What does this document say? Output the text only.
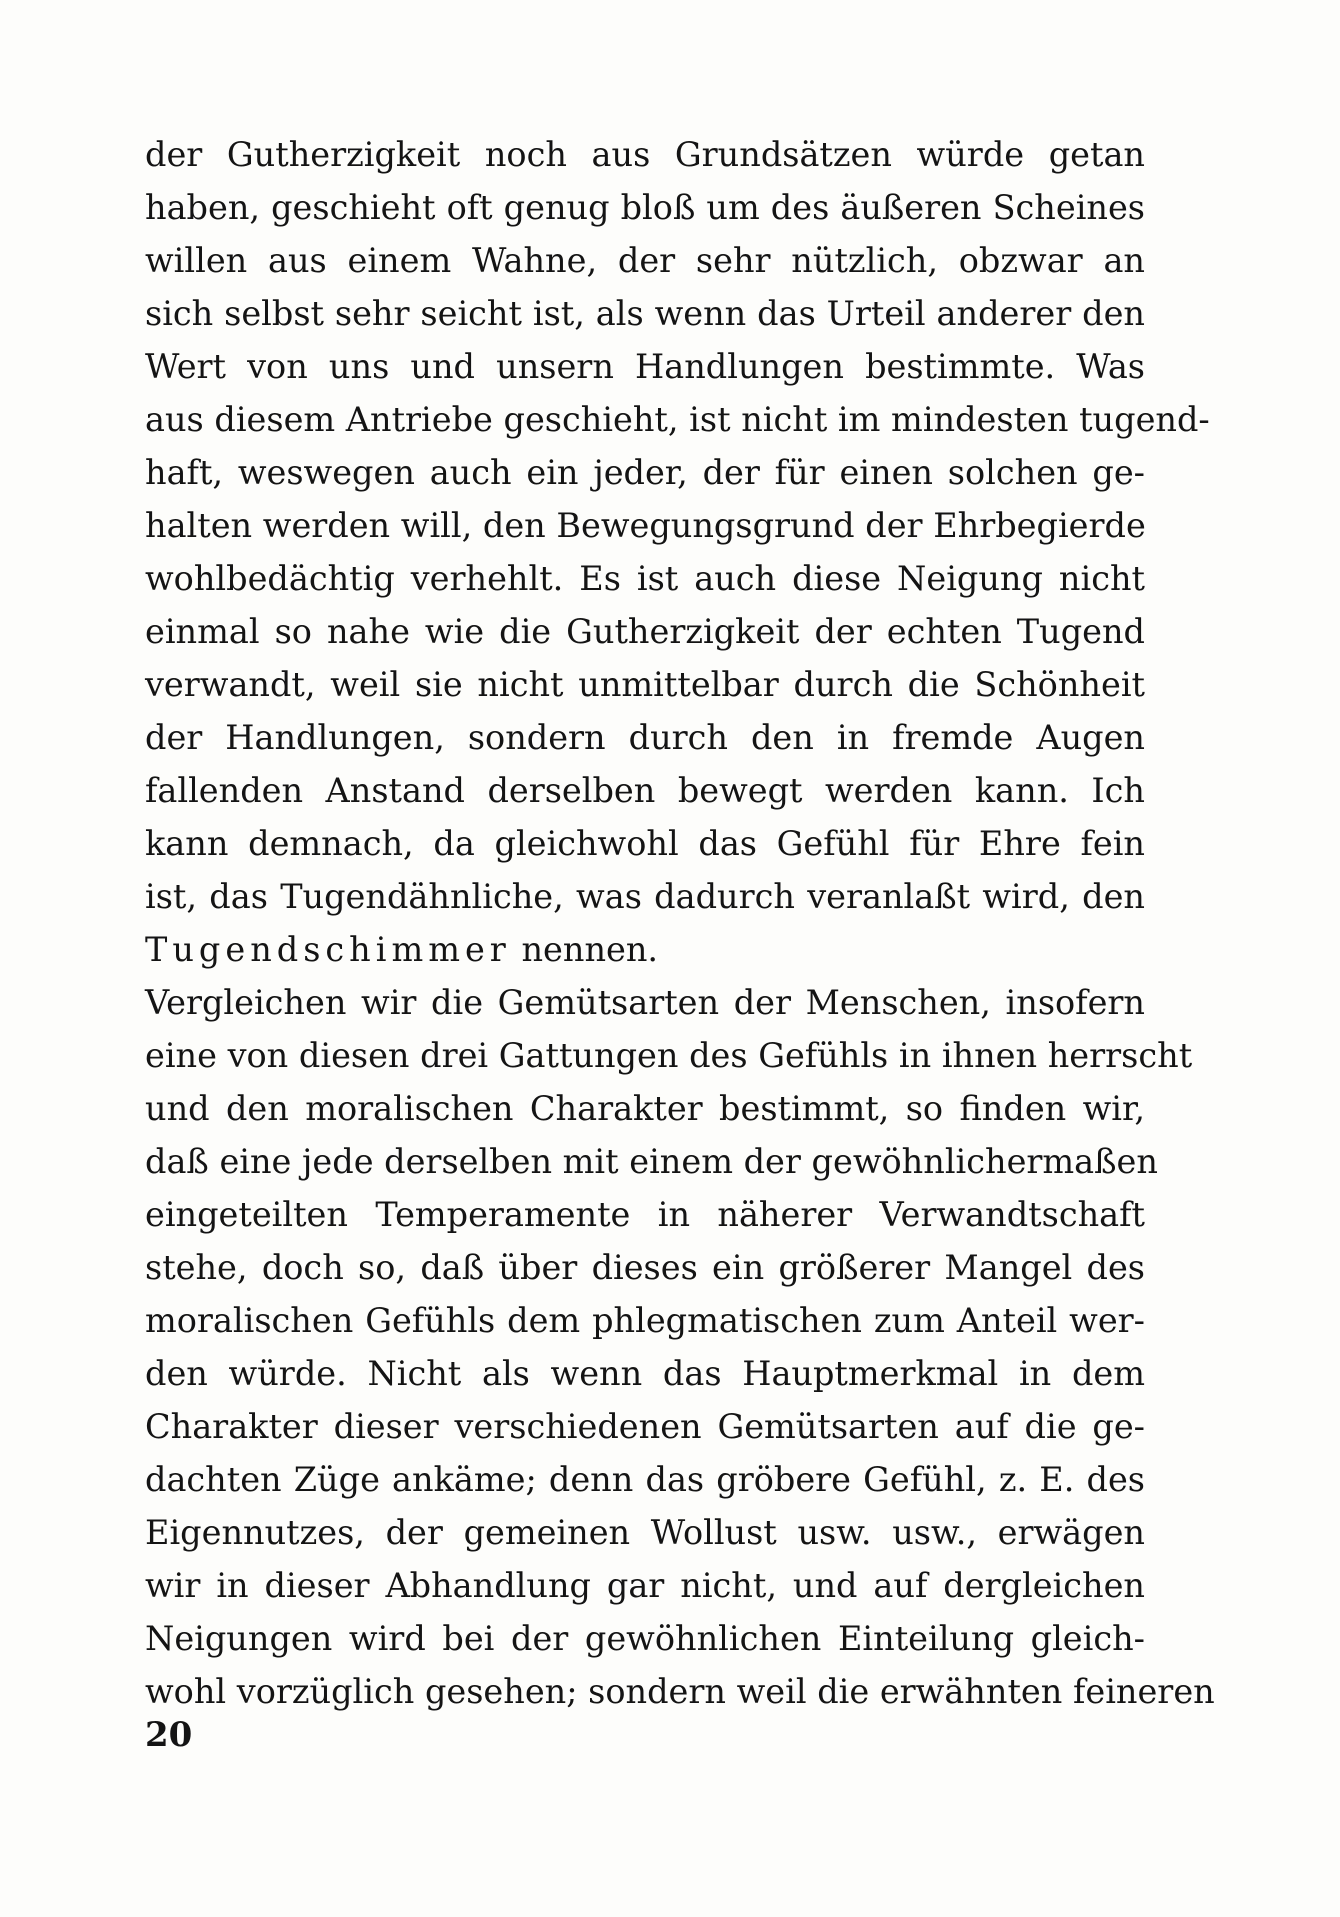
der Gutherzigkeit noch aus Grundsätzen würde getan
haben, geschieht oft genug bloß um des äußeren Scheines
willen aus einem Wahne, der sehr nützlich, obzwar an
sich selbst sehr seicht ist, als wenn das Urteil anderer den
Wert von uns und unsern Handlungen bestimmte. Was
aus diesem Antriebe geschieht, ist nicht im mindesten tugend-
haft, weswegen auch ein jeder, der für einen solchen ge-
halten werden will, den Bewegungsgrund der Ehrbegierde
wohlbedächtig verhehlt. Es ist auch diese Neigung nicht
einmal so nahe wie die Gutherzigkeit der echten Tugend
verwandt, weil sie nicht unmittelbar durch die Schönheit
der Handlungen, sondern durch den in fremde Augen
fallenden Anstand derselben bewegt werden kann. Ich
kann demnach, da gleichwohl das Gefühl für Ehre fein
ist, das Tugendähnliche, was dadurch veranlaßt wird, den
Tugendschimmer nennen.
Vergleichen wir die Gemütsarten der Menschen, insofern
eine von diesen drei Gattungen des Gefühls in ihnen herrscht
und den moralischen Charakter bestimmt, so finden wir,
daß eine jede derselben mit einem der gewöhnlichermaßen
eingeteilten Temperamente in näherer Verwandtschaft
stehe, doch so, daß über dieses ein größerer Mangel des
moralischen Gefühls dem phlegmatischen zum Anteil wer-
den würde. Nicht als wenn das Hauptmerkmal in dem
Charakter dieser verschiedenen Gemütsarten auf die ge-
dachten Züge ankäme; denn das gröbere Gefühl, z. E. des
Eigennutzes, der gemeinen Wollust usw. usw., erwägen
wir in dieser Abhandlung gar nicht, und auf dergleichen
Neigungen wird bei der gewöhnlichen Einteilung gleich-
wohl vorzüglich gesehen; sondern weil die erwähnten feineren
20
